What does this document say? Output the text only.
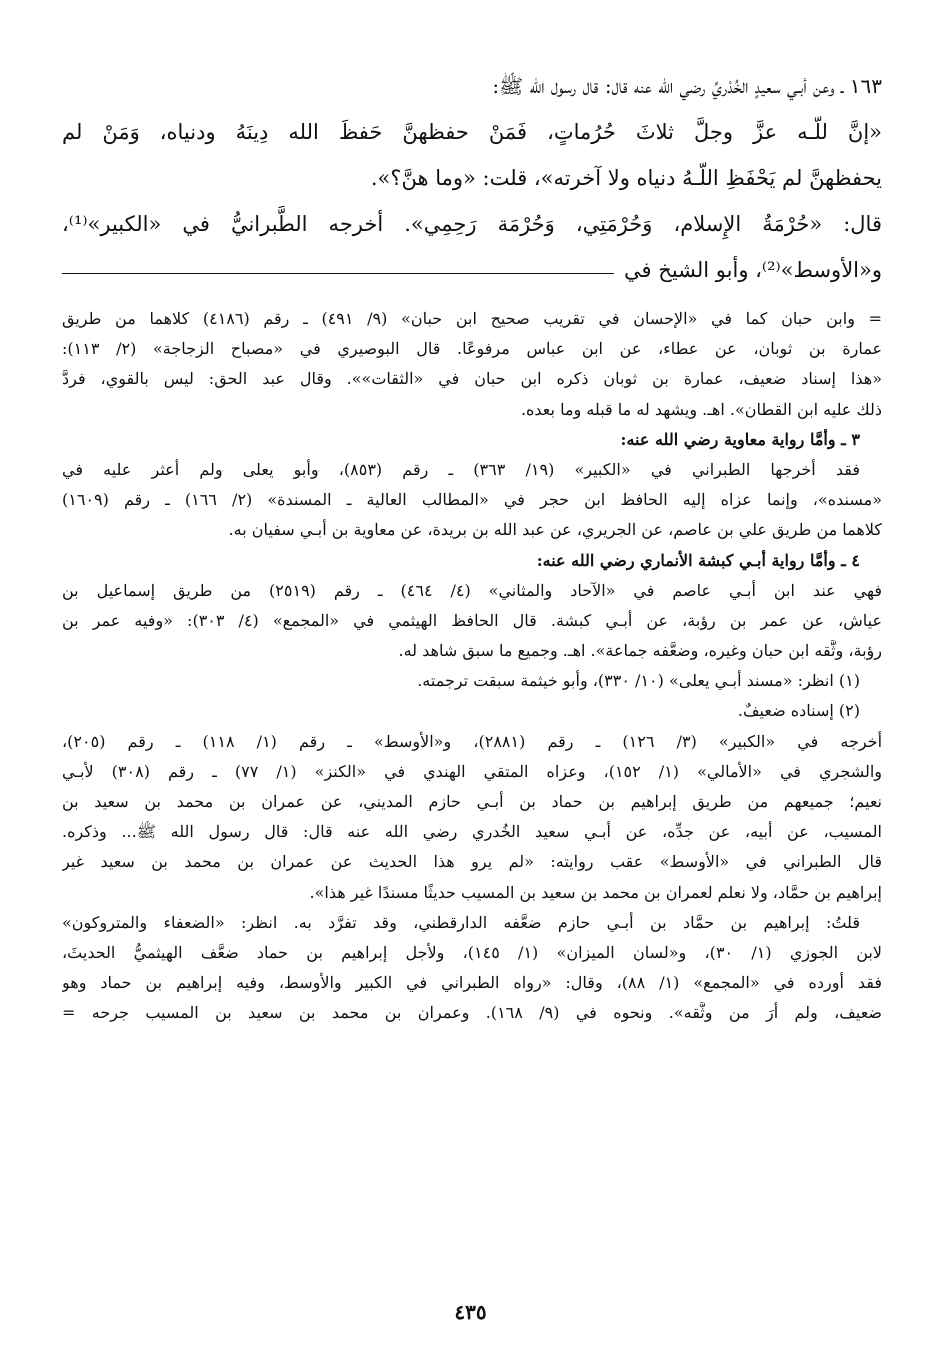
١٦٣ ـ وعن أبـي سعيدٍ الخُدْريِّ رضي الله عنه قال: قال رسول الله ﷺ:
«إنَّ للّـه عزَّ وجلَّ ثلاثَ حُرُماتٍ، فَمَنْ حفظهنَّ حَفظَ الله دِينَهُ ودنياه، وَمَنْ لم
يحفظهنَّ لم يَحْفَظِ اللّـهُ دنياه ولا آخرته»، قلت: «وما هنَّ؟».
قال: «حُرْمَةُ الإِسلام، وَحُرْمَتِي، وَحُرْمَة رَحِمِي». أخرجه الطَّبرانيُّ في «الكبير»⁽¹⁾،
و«الأوسط»⁽²⁾، وأبو الشيخ في
= وابن حبان كما في «الإحسان في تقريب صحيح ابن حبان» (٩/ ٤٩١) ـ رقم (٤١٨٦) كلاهما من طريق
عمارة بن ثوبان، عن عطاء، عن ابن عباس مرفوعًا. قال البوصيري في «مصباح الزجاجة» (٢/ ١١٣):
«هذا إسناد ضعيف، عمارة بن ثوبان ذكره ابن حبان في «الثقات»». وقال عبد الحق: ليس بالقوي، فردَّ
ذلك عليه ابن القطان». اهـ. ويشهد له ما قبله وما بعده.
٣ ـ وأمَّا رواية معاوية رضي الله عنه:
فقد أخرجها الطبراني في «الكبير» (١٩/ ٣٦٣) ـ رقم (٨٥٣)، وأبو يعلى ولم أعثر عليه في
«مسنده»، وإنما عزاه إليه الحافظ ابن حجر في «المطالب العالية ـ المسندة» (٢/ ١٦٦) ـ رقم (١٦٠٩)
كلاهما من طريق علي بن عاصم، عن الجريري، عن عبد الله بن بريدة، عن معاوية بن أبـي سفيان به.
٤ ـ وأمَّا رواية أبـي كبشة الأنماري رضي الله عنه:
فهي عند ابن أبـي عاصم في «الآحاد والمثاني» (٤/ ٤٦٤) ـ رقم (٢٥١٩) من طريق إسماعيل بن
عياش، عن عمر بن رؤبة، عن أبـي كبشة. قال الحافظ الهيثمي في «المجمع» (٤/ ٣٠٣): «وفيه عمر بن
رؤبة، وثَّقه ابن حبان وغيره، وضعَّفه جماعة». اهـ. وجميع ما سبق شاهد له.
(١) انظر: «مسند أبـي يعلى» (١٠/ ٣٣٠)، وأبو خيثمة سبقت ترجمته.
(٢) إسناده ضعيفٌ.
أخرجه في «الكبير» (٣/ ١٢٦) ـ رقم (٢٨٨١)، و«الأوسط» ـ رقم (١/ ١١٨) ـ رقم (٢٠٥)،
والشجري في «الأمالي» (١/ ١٥٢)، وعزاه المتقي الهندي في «الكنز» (١/ ٧٧) ـ رقم (٣٠٨) لأبـي
نعيم؛ جميعهم من طريق إبراهيم بن حماد بن أبـي حازم المديني، عن عمران بن محمد بن سعيد بن
المسيب، عن أبيه، عن جدِّه، عن أبـي سعيد الخُدري رضي الله عنه قال: قال رسول الله ﷺ... وذكره.
قال الطبراني في «الأوسط» عقب روايته: «لم يرو هذا الحديث عن عمران بن محمد بن سعيد غير
إبراهيم بن حمَّاد، ولا نعلم لعمران بن محمد بن سعيد بن المسيب حديثًا مسندًا غير هذا».
قلتُ: إبراهيم بن حمَّاد بن أبـي حازم ضعَّفه الدارقطني، وقد تفرَّد به. انظر: «الضعفاء والمتروكون»
لابن الجوزي (١/ ٣٠)، و«لسان الميزان» (١/ ١٤٥)، ولأجل إبراهيم بن حماد ضعَّف الهيثميُّ الحديثَ،
فقد أورده في «المجمع» (١/ ٨٨)، وقال: «رواه الطبراني في الكبير والأوسط، وفيه إبراهيم بن حماد وهو
ضعيف، ولم أرَ من وثَّقه». ونحوه في (٩/ ١٦٨). وعمران بن محمد بن سعيد بن المسيب جرحه =
٤٣٥
